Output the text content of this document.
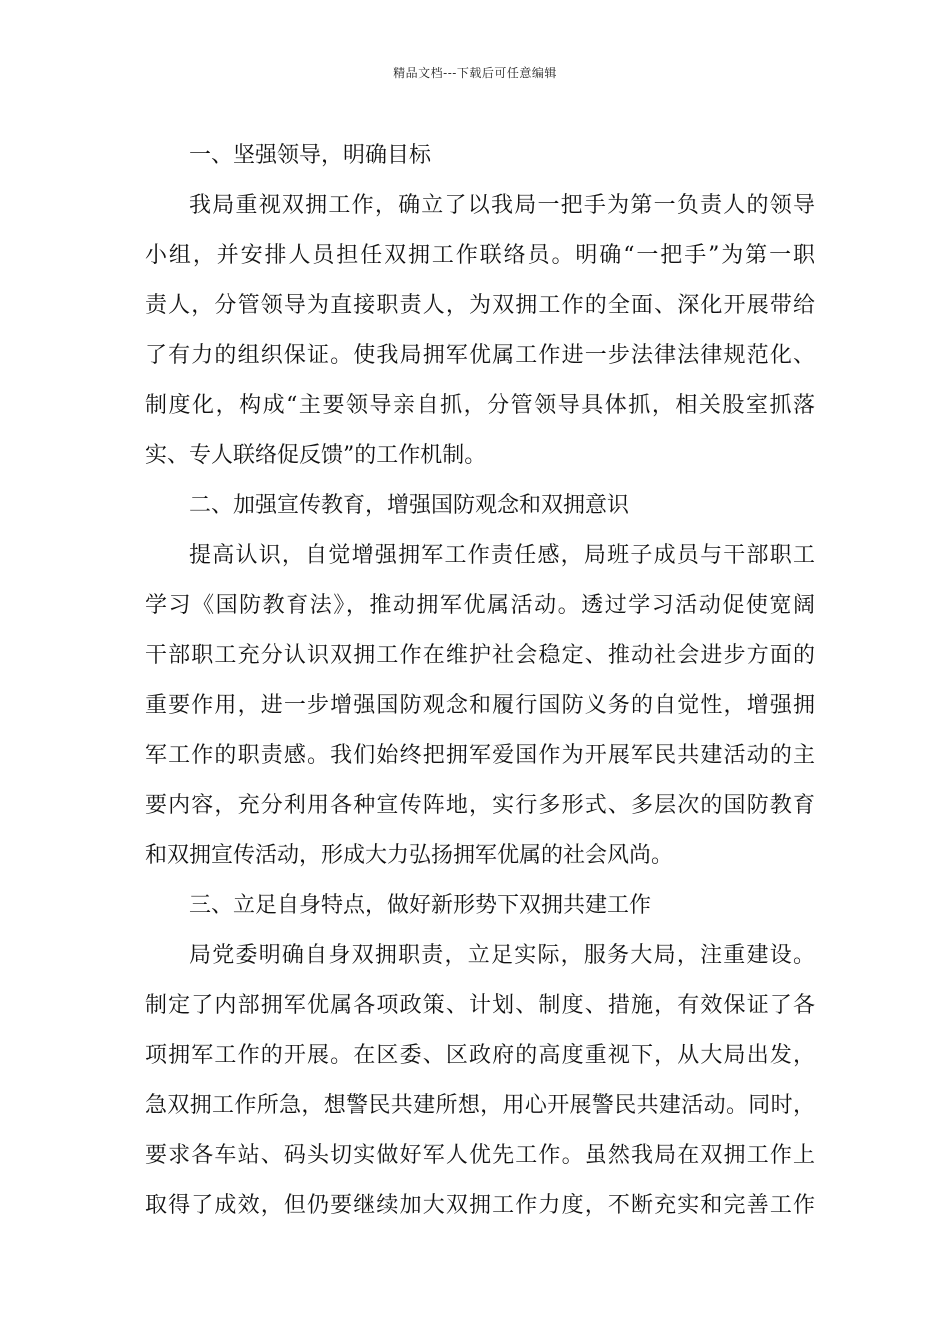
精品文档---下载后可任意编辑
一、坚强领导，明确目标
我局重视双拥工作，确立了以我局一把手为第一负责人的领导
小组，并安排人员担任双拥工作联络员。明确“一把手”为第一职
责人，分管领导为直接职责人，为双拥工作的全面、深化开展带给
了有力的组织保证。使我局拥军优属工作进一步法律法律规范化、
制度化，构成“主要领导亲自抓，分管领导具体抓，相关股室抓落
实、专人联络促反馈”的工作机制。
二、加强宣传教育，增强国防观念和双拥意识
提高认识，自觉增强拥军工作责任感，局班子成员与干部职工
学习《国防教育法》，推动拥军优属活动。透过学习活动促使宽阔
干部职工充分认识双拥工作在维护社会稳定、推动社会进步方面的
重要作用，进一步增强国防观念和履行国防义务的自觉性，增强拥
军工作的职责感。我们始终把拥军爱国作为开展军民共建活动的主
要内容，充分利用各种宣传阵地，实行多形式、多层次的国防教育
和双拥宣传活动，形成大力弘扬拥军优属的社会风尚。
三、立足自身特点，做好新形势下双拥共建工作
局党委明确自身双拥职责，立足实际，服务大局，注重建设。
制定了内部拥军优属各项政策、计划、制度、措施，有效保证了各
项拥军工作的开展。在区委、区政府的高度重视下，从大局出发，
急双拥工作所急，想警民共建所想，用心开展警民共建活动。同时，
要求各车站、码头切实做好军人优先工作。虽然我局在双拥工作上
取得了成效，但仍要继续加大双拥工作力度，不断充实和完善工作
